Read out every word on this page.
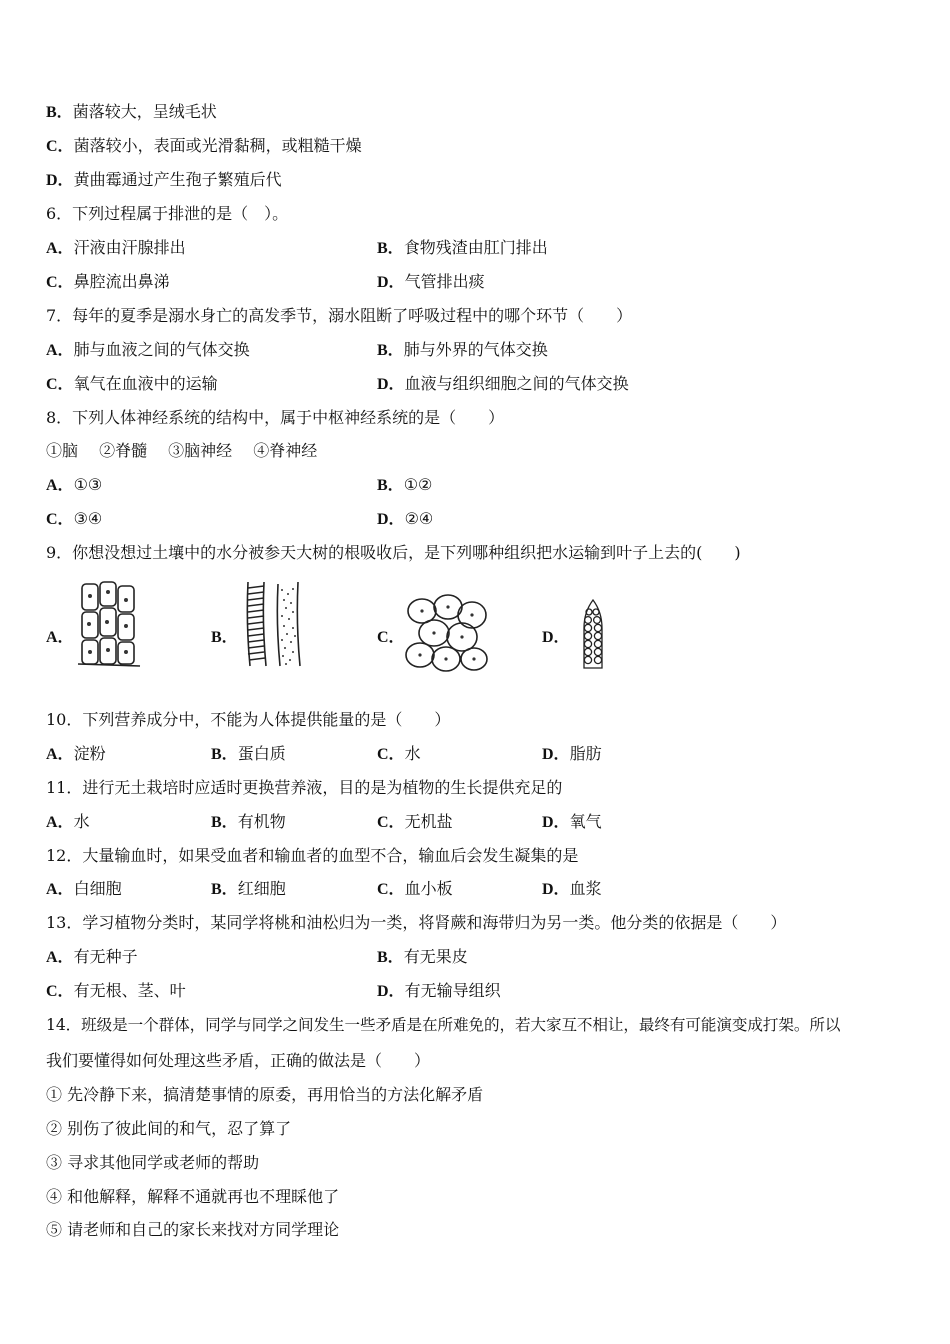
B．菌落较大，呈绒毛状
C．菌落较小，表面或光滑黏稠，或粗糙干燥
D．黄曲霉通过产生孢子繁殖后代
6．下列过程属于排泄的是（　）。
A．汗液由汗腺排出	B．食物残渣由肛门排出
C．鼻腔流出鼻涕	D．气管排出痰
7．每年的夏季是溺水身亡的高发季节，溺水阻断了呼吸过程中的哪个环节（　　）
A．肺与血液之间的气体交换	B．肺与外界的气体交换
C．氧气在血液中的运输	D．血液与组织细胞之间的气体交换
8．下列人体神经系统的结构中，属于中枢神经系统的是（　　）
①脑　 ②脊髓　 ③脑神经　 ④脊神经
A．①③	B．①②
C．③④	D．②④
9．你想没想过土壤中的水分被参天大树的根吸收后，是下列哪种组织把水运输到叶子上去的(　　)
A．	B．	C．	D．
10．下列营养成分中，不能为人体提供能量的是（　　）
A．淀粉	B．蛋白质	C．水	D．脂肪
11．进行无土栽培时应适时更换营养液，目的是为植物的生长提供充足的
A．水	B．有机物	C．无机盐	D．氧气
12．大量输血时，如果受血者和输血者的血型不合，输血后会发生凝集的是
A．白细胞	B．红细胞	C．血小板	D．血浆
13．学习植物分类时，某同学将桃和油松归为一类，将肾蕨和海带归为另一类。他分类的依据是（　　）
A．有无种子	B．有无果皮
C．有无根、茎、叶	D．有无输导组织
14．班级是一个群体，同学与同学之间发生一些矛盾是在所难免的，若大家互不相让，最终有可能演变成打架。所以
我们要懂得如何处理这些矛盾，正确的做法是（　　）
① 先冷静下来，搞清楚事情的原委，再用恰当的方法化解矛盾
② 别伤了彼此间的和气，忍了算了
③ 寻求其他同学或老师的帮助
④ 和他解释，解释不通就再也不理睬他了
⑤ 请老师和自己的家长来找对方同学理论
